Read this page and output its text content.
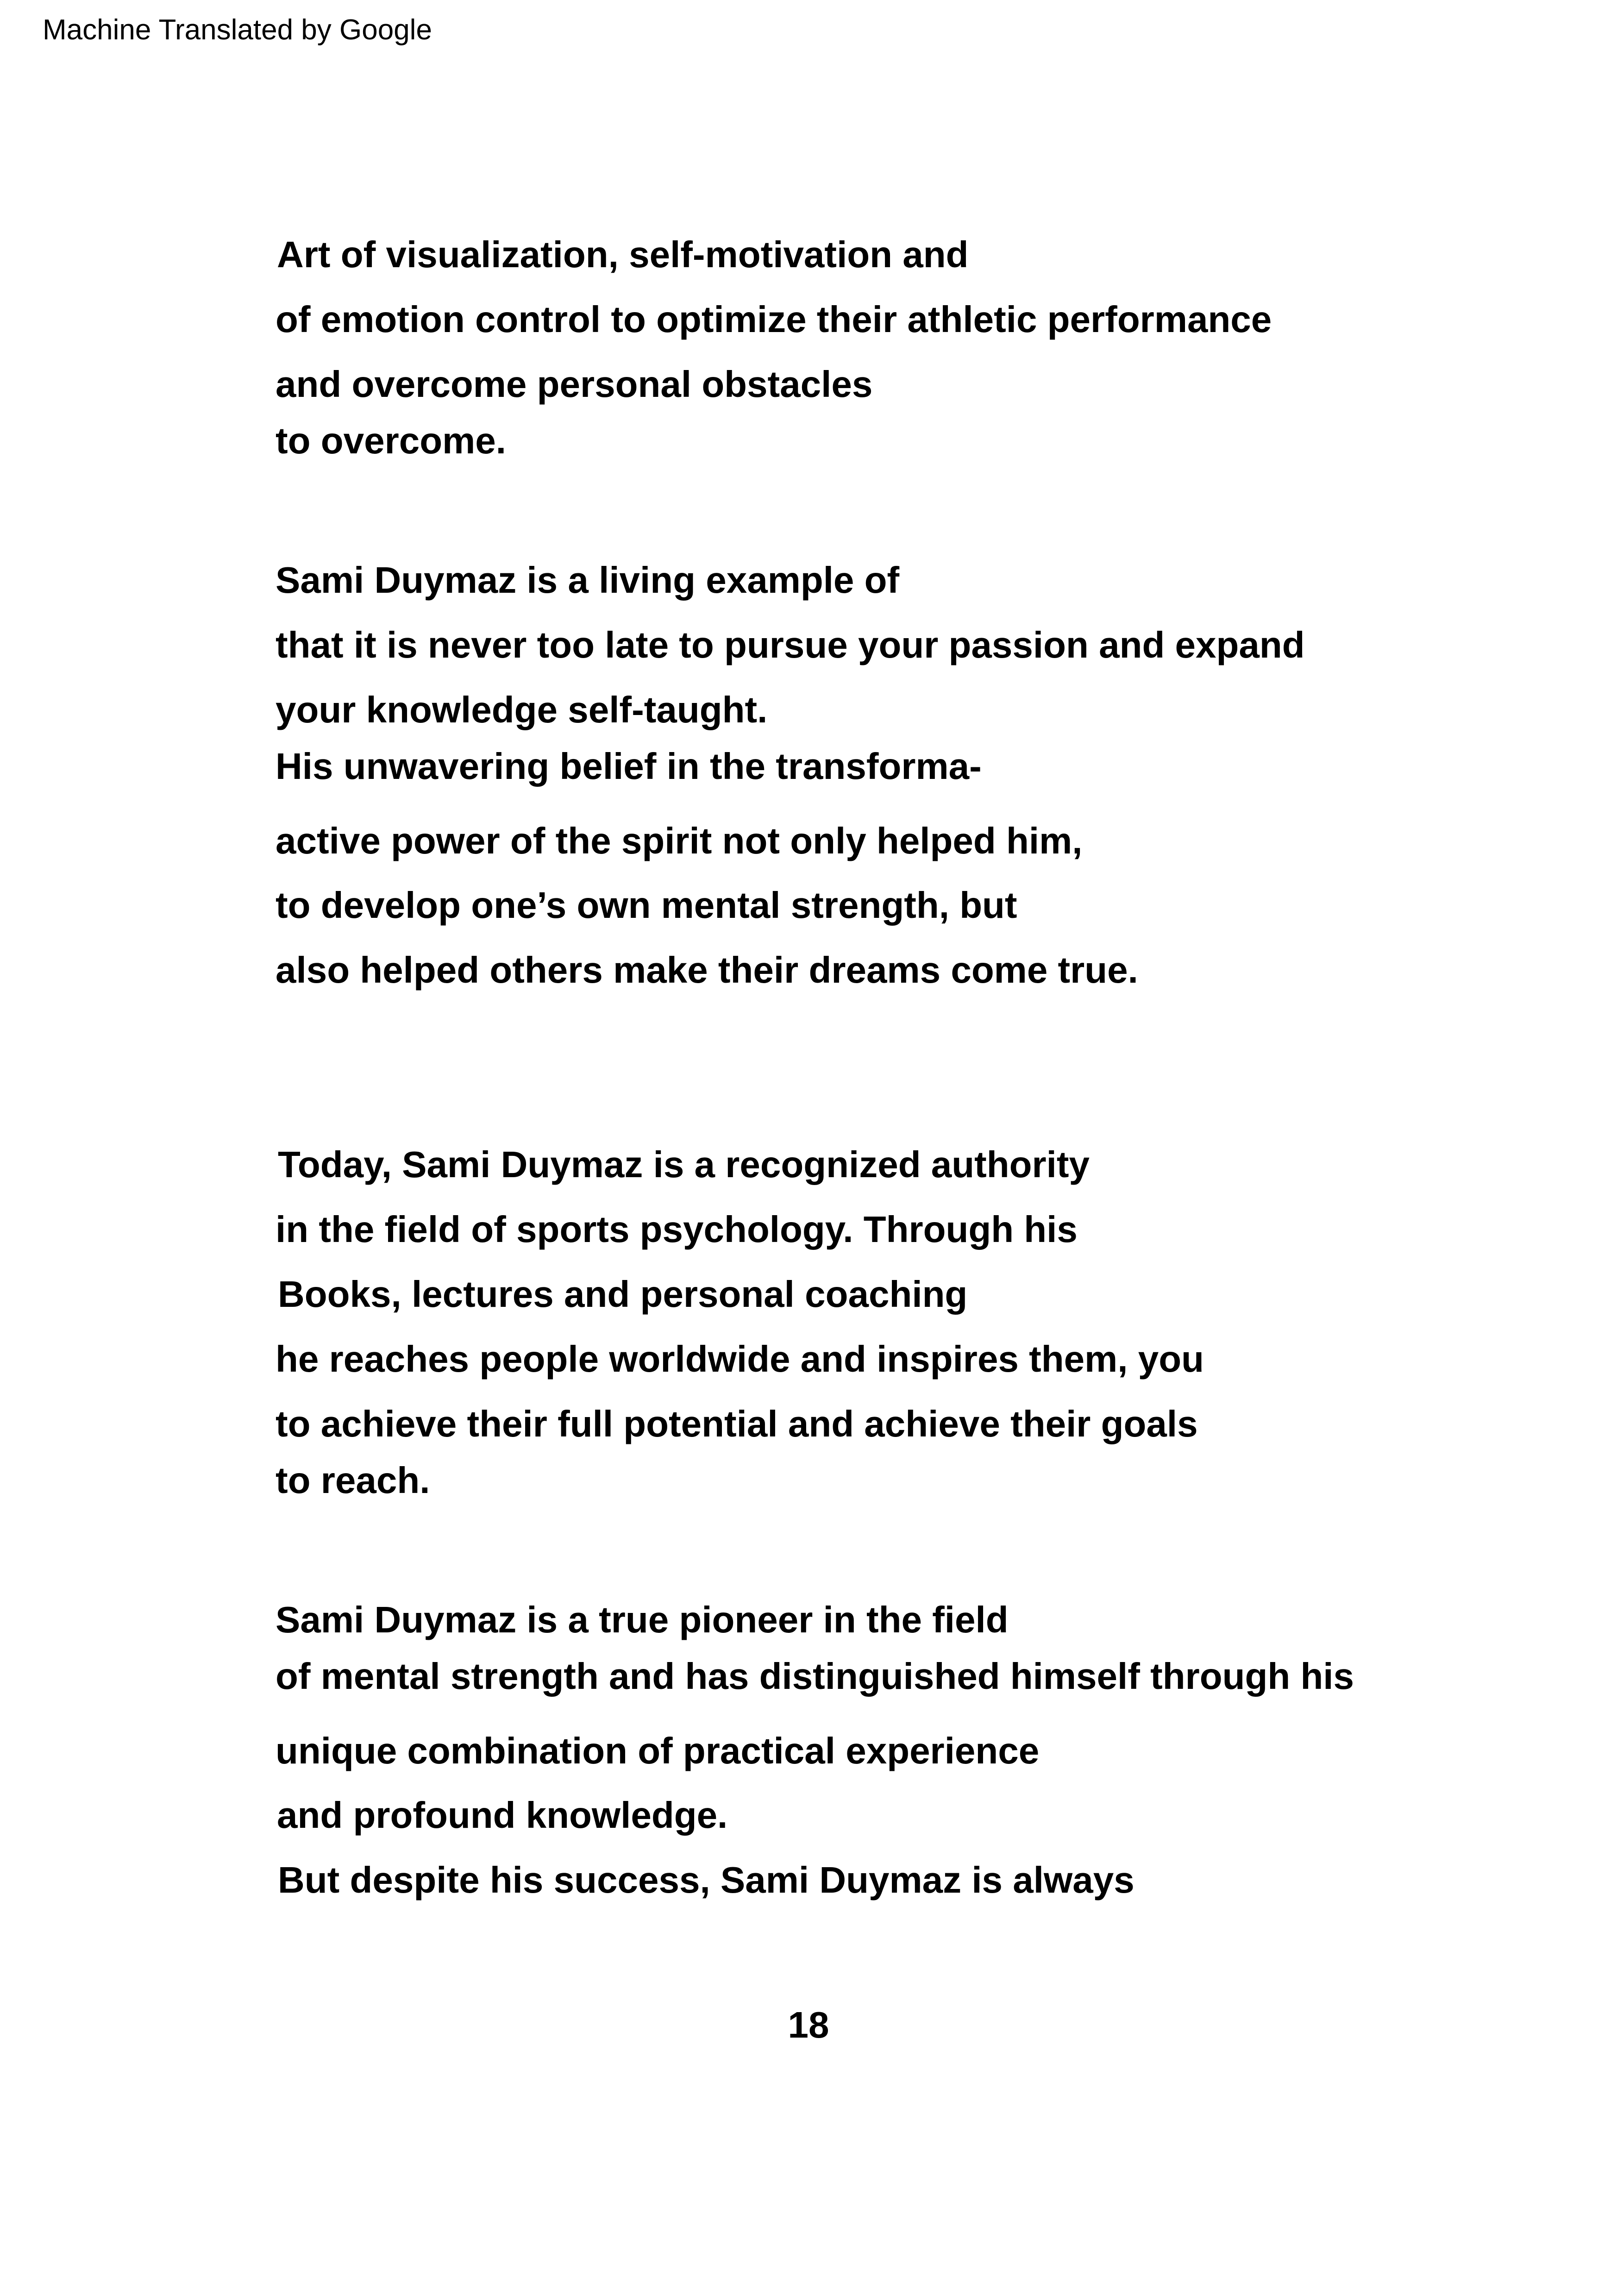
Machine Translated by Google
Art of visualization, self-motivation and
of emotion control to optimize their athletic performance
and overcome personal obstacles
to overcome.
Sami Duymaz is a living example of
that it is never too late to pursue your passion and expand
your knowledge self-taught.
His unwavering belief in the transforma-
active power of the spirit not only helped him,
to develop one’s own mental strength, but
also helped others make their dreams come true.
Today, Sami Duymaz is a recognized authority
in the field of sports psychology. Through his
Books, lectures and personal coaching
he reaches people worldwide and inspires them, you
to achieve their full potential and achieve their goals
to reach.
Sami Duymaz is a true pioneer in the field
of mental strength and has distinguished himself through his
unique combination of practical experience
and profound knowledge.
But despite his success, Sami Duymaz is always
18
